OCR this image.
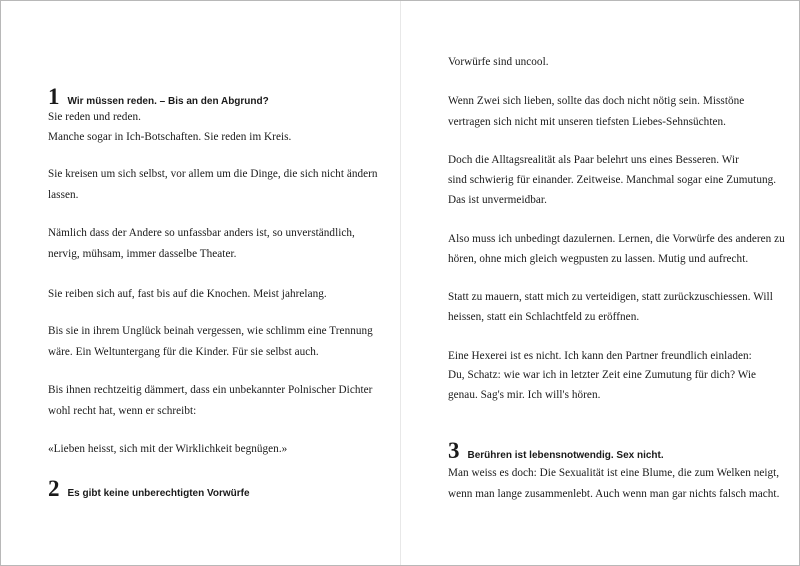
1 Wir müssen reden. – Bis an den Abgrund?
Sie reden und reden.
Manche sogar in Ich-Botschaften. Sie reden im Kreis.
Sie kreisen um sich selbst, vor allem um die Dinge, die sich nicht ändern
lassen.
Nämlich dass der Andere so unfassbar anders ist, so unverständlich,
nervig, mühsam, immer dasselbe Theater.
Sie reiben sich auf, fast bis auf die Knochen. Meist jahrelang.
Bis sie in ihrem Unglück beinah vergessen, wie schlimm eine Trennung
wäre. Ein Weltuntergang für die Kinder. Für sie selbst auch.
Bis ihnen rechtzeitig dämmert, dass ein unbekannter Polnischer Dichter
wohl recht hat, wenn er schreibt:
«Lieben heisst, sich mit der Wirklichkeit begnügen.»
2 Es gibt keine unberechtigten Vorwürfe
Vorwürfe sind uncool.
Wenn Zwei sich lieben, sollte das doch nicht nötig sein. Misstöne
vertragen sich nicht mit unseren tiefsten Liebes-Sehnsüchten.
Doch die Alltagsrealität als Paar belehrt uns eines Besseren. Wir
sind schwierig für einander. Zeitweise. Manchmal sogar eine Zumutung.
Das ist unvermeidbar.
Also muss ich unbedingt dazulernen. Lernen, die Vorwürfe des anderen zu
hören, ohne mich gleich wegpusten zu lassen. Mutig und aufrecht.
Statt zu mauern, statt mich zu verteidigen, statt zurückzuschiessen. Will
heissen, statt ein Schlachtfeld zu eröffnen.
Eine Hexerei ist es nicht. Ich kann den Partner freundlich einladen:
Du, Schatz: wie war ich in letzter Zeit eine Zumutung für dich? Wie
genau. Sag's mir. Ich will's hören.
3 Berühren ist lebensnotwendig. Sex nicht.
Man weiss es doch: Die Sexualität ist eine Blume, die zum Welken neigt,
wenn man lange zusammenlebt. Auch wenn man gar nichts falsch macht.
